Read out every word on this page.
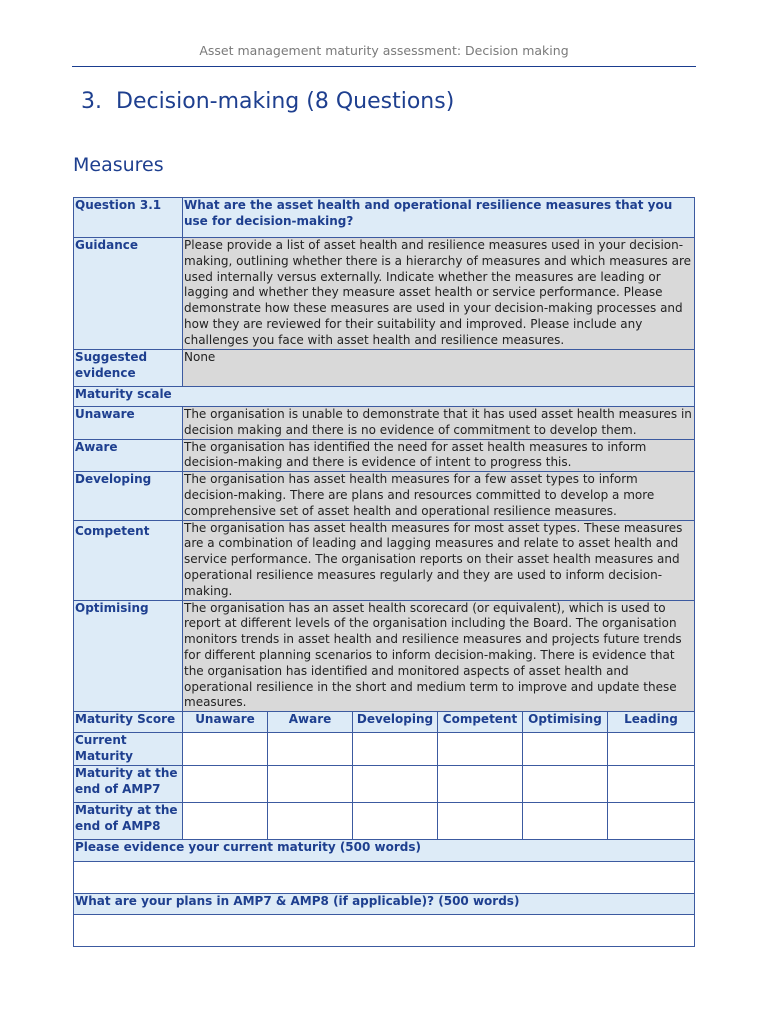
Asset management maturity assessment: Decision making
3. Decision-making (8 Questions)
Measures
Question 3.1	What are the asset health and operational resilience measures that you use for decision-making?					
Guidance	Please provide a list of asset health and resilience measures used in your decision-making, outlining whether there is a hierarchy of measures and which measures are used internally versus externally. Indicate whether the measures are leading or lagging and whether they measure asset health or service performance. Please demonstrate how these measures are used in your decision-making processes and how they are reviewed for their suitability and improved. Please include any challenges you face with asset health and resilience measures.					
Suggested evidence	None					
Maturity scale						
Unaware	The organisation is unable to demonstrate that it has used asset health measures in decision making and there is no evidence of commitment to develop them.					
Aware	The organisation has identified the need for asset health measures to inform decision-making and there is evidence of intent to progress this.					
Developing	The organisation has asset health measures for a few asset types to inform decision-making. There are plans and resources committed to develop a more comprehensive set of asset health and operational resilience measures.					
Competent	The organisation has asset health measures for most asset types. These measures are a combination of leading and lagging measures and relate to asset health and service performance. The organisation reports on their asset health measures and operational resilience measures regularly and they are used to inform decision-making.					
Optimising	The organisation has an asset health scorecard (or equivalent), which is used to report at different levels of the organisation including the Board. The organisation monitors trends in asset health and resilience measures and projects future trends for different planning scenarios to inform decision-making. There is evidence that the organisation has identified and monitored aspects of asset health and operational resilience in the short and medium term to improve and update these measures.					
Maturity Score	Unaware	Aware	Developing	Competent	Optimising	Leading
Current Maturity						
Maturity at the end of AMP7						
Maturity at the end of AMP8						
Please evidence your current maturity (500 words)						

What are your plans in AMP7 & AMP8 (if applicable)? (500 words)						
